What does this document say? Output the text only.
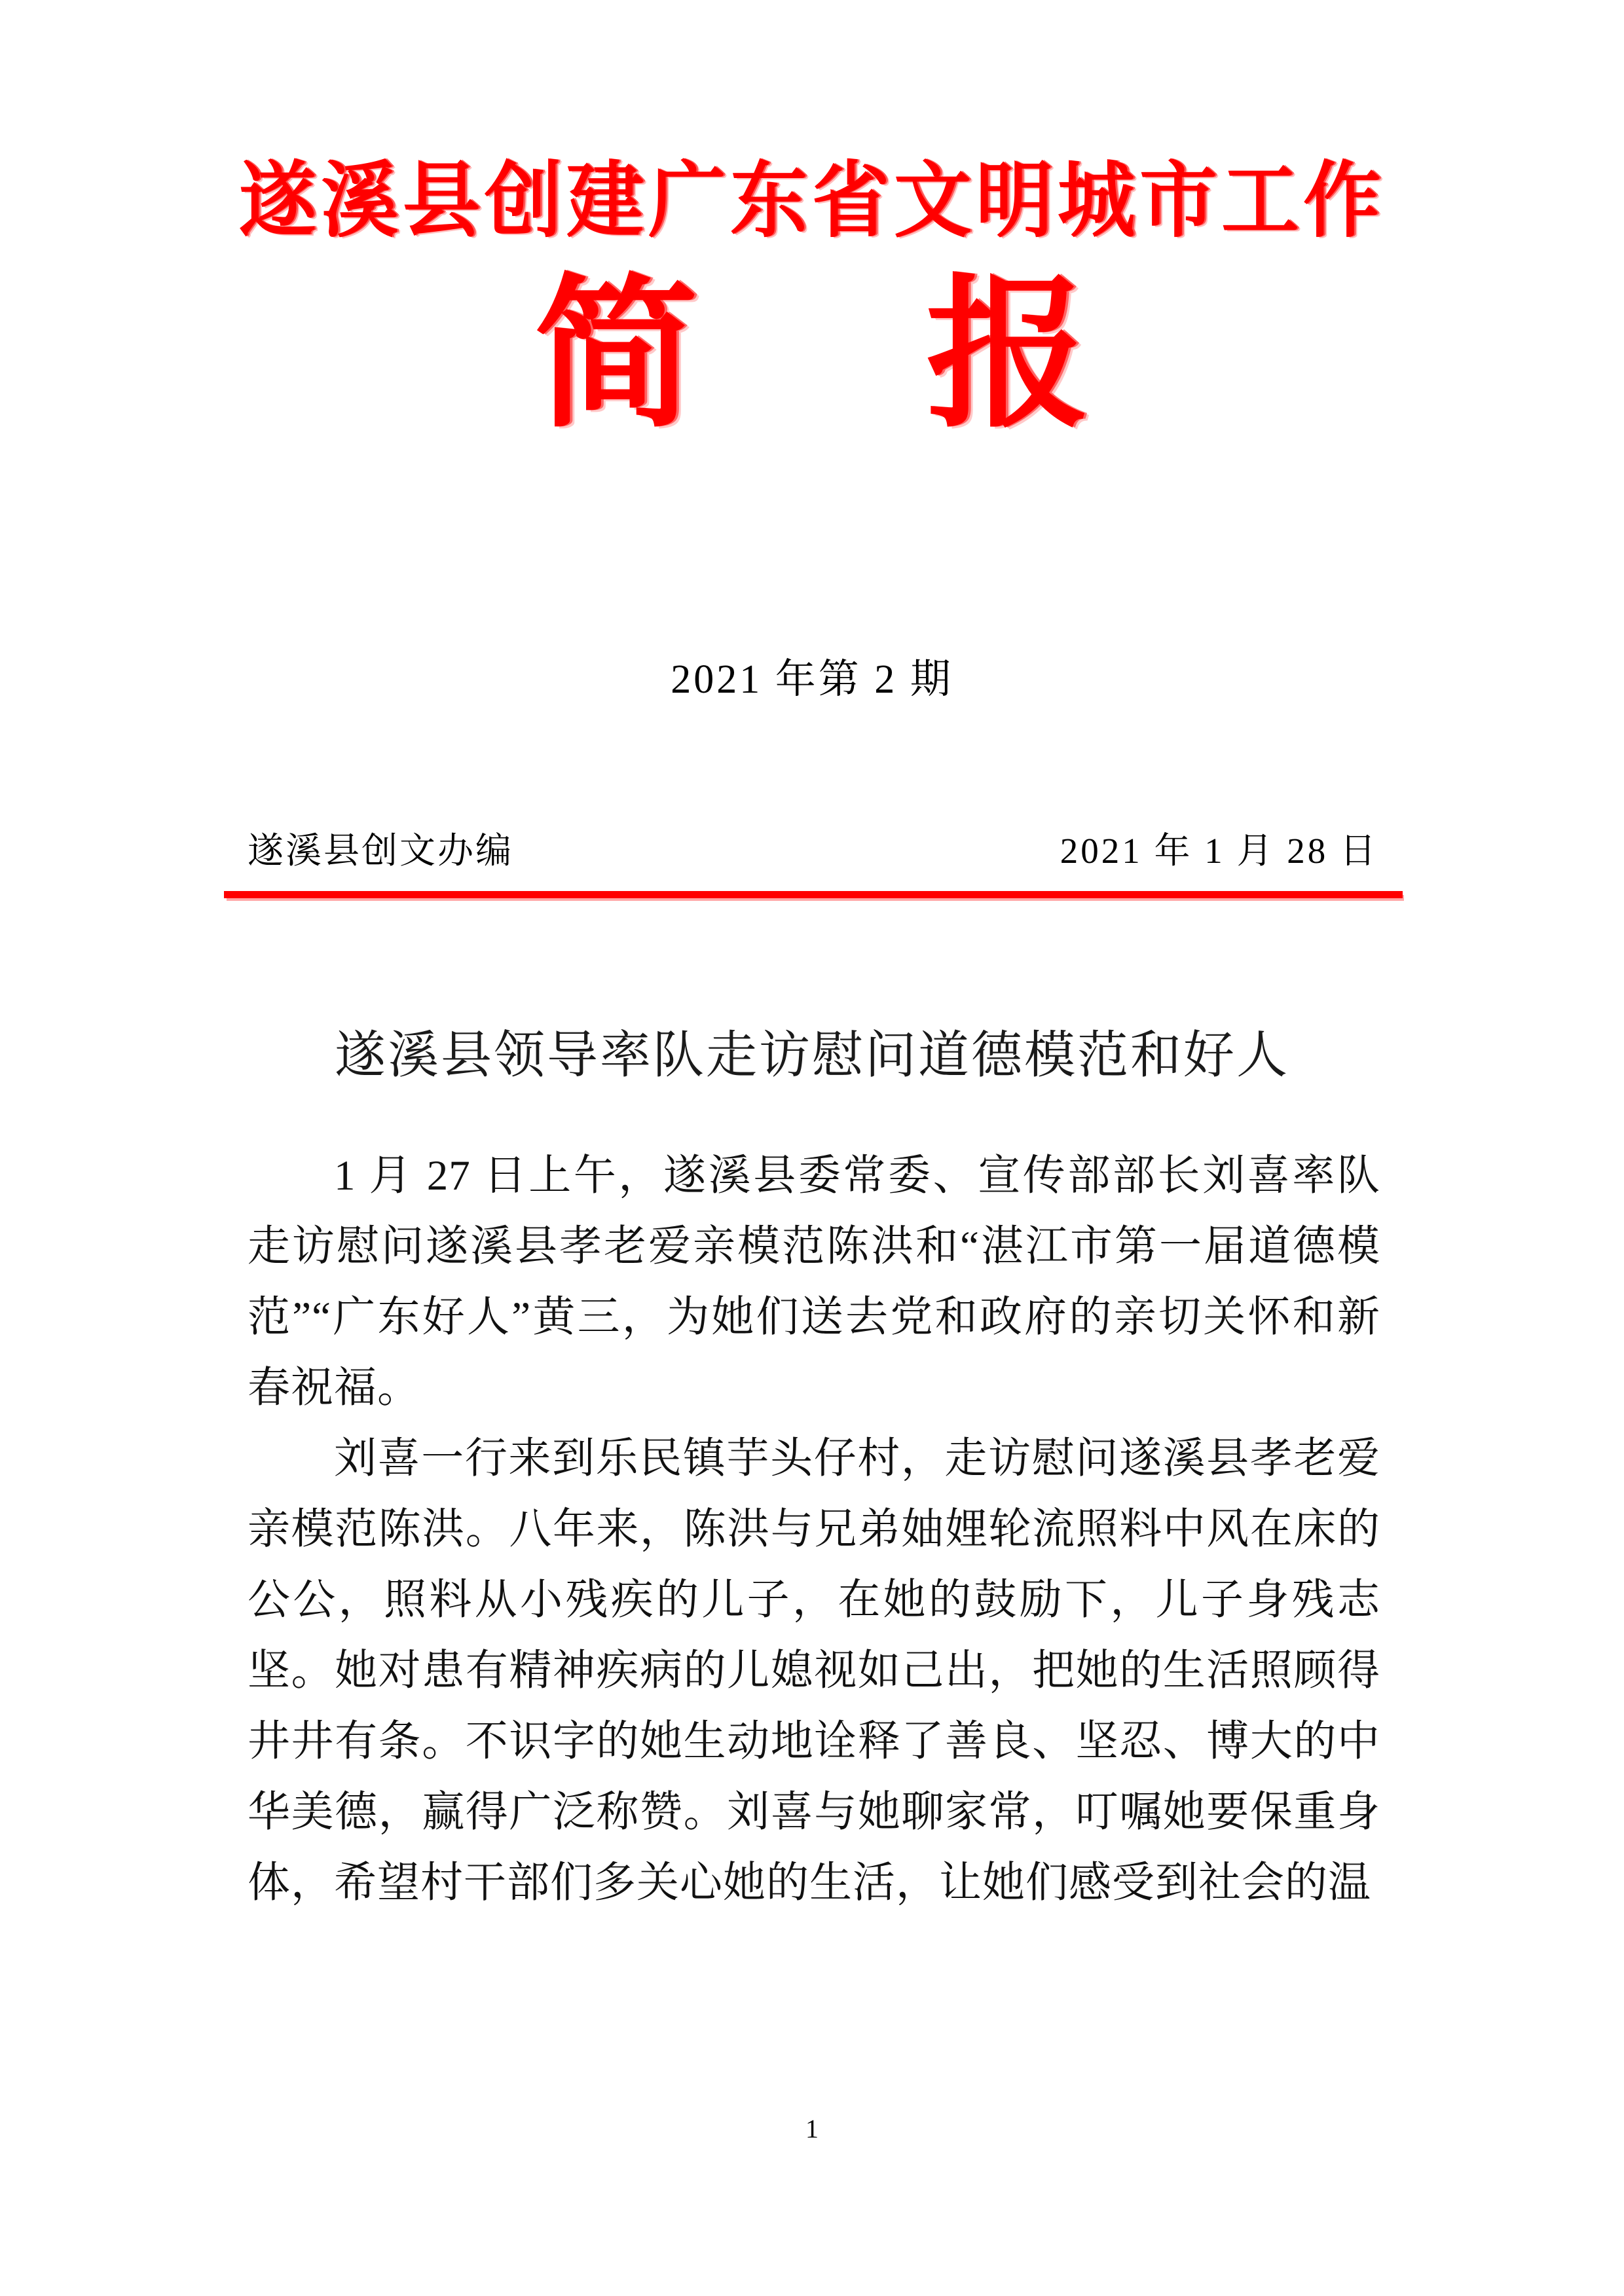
遂溪县创建广东省文明城市工作
简    报
2021 年第 2 期
遂溪县创文办编	2021 年 1 月 28 日
遂溪县领导率队走访慰问道德模范和好人

1 月 27 日上午，遂溪县委常委、宣传部部长刘喜率队走访慰问遂溪县孝老爱亲模范陈洪和“湛江市第一届道德模范”“广东好人”黄三，为她们送去党和政府的亲切关怀和新春祝福。

刘喜一行来到乐民镇芋头仔村，走访慰问遂溪县孝老爱亲模范陈洪。八年来，陈洪与兄弟妯娌轮流照料中风在床的公公，照料从小残疾的儿子，在她的鼓励下，儿子身残志坚。她对患有精神疾病的儿媳视如己出，把她的生活照顾得井井有条。不识字的她生动地诠释了善良、坚忍、博大的中华美德，赢得广泛称赞。刘喜与她聊家常，叮嘱她要保重身体，希望村干部们多关心她的生活，让她们感受到社会的温

1
